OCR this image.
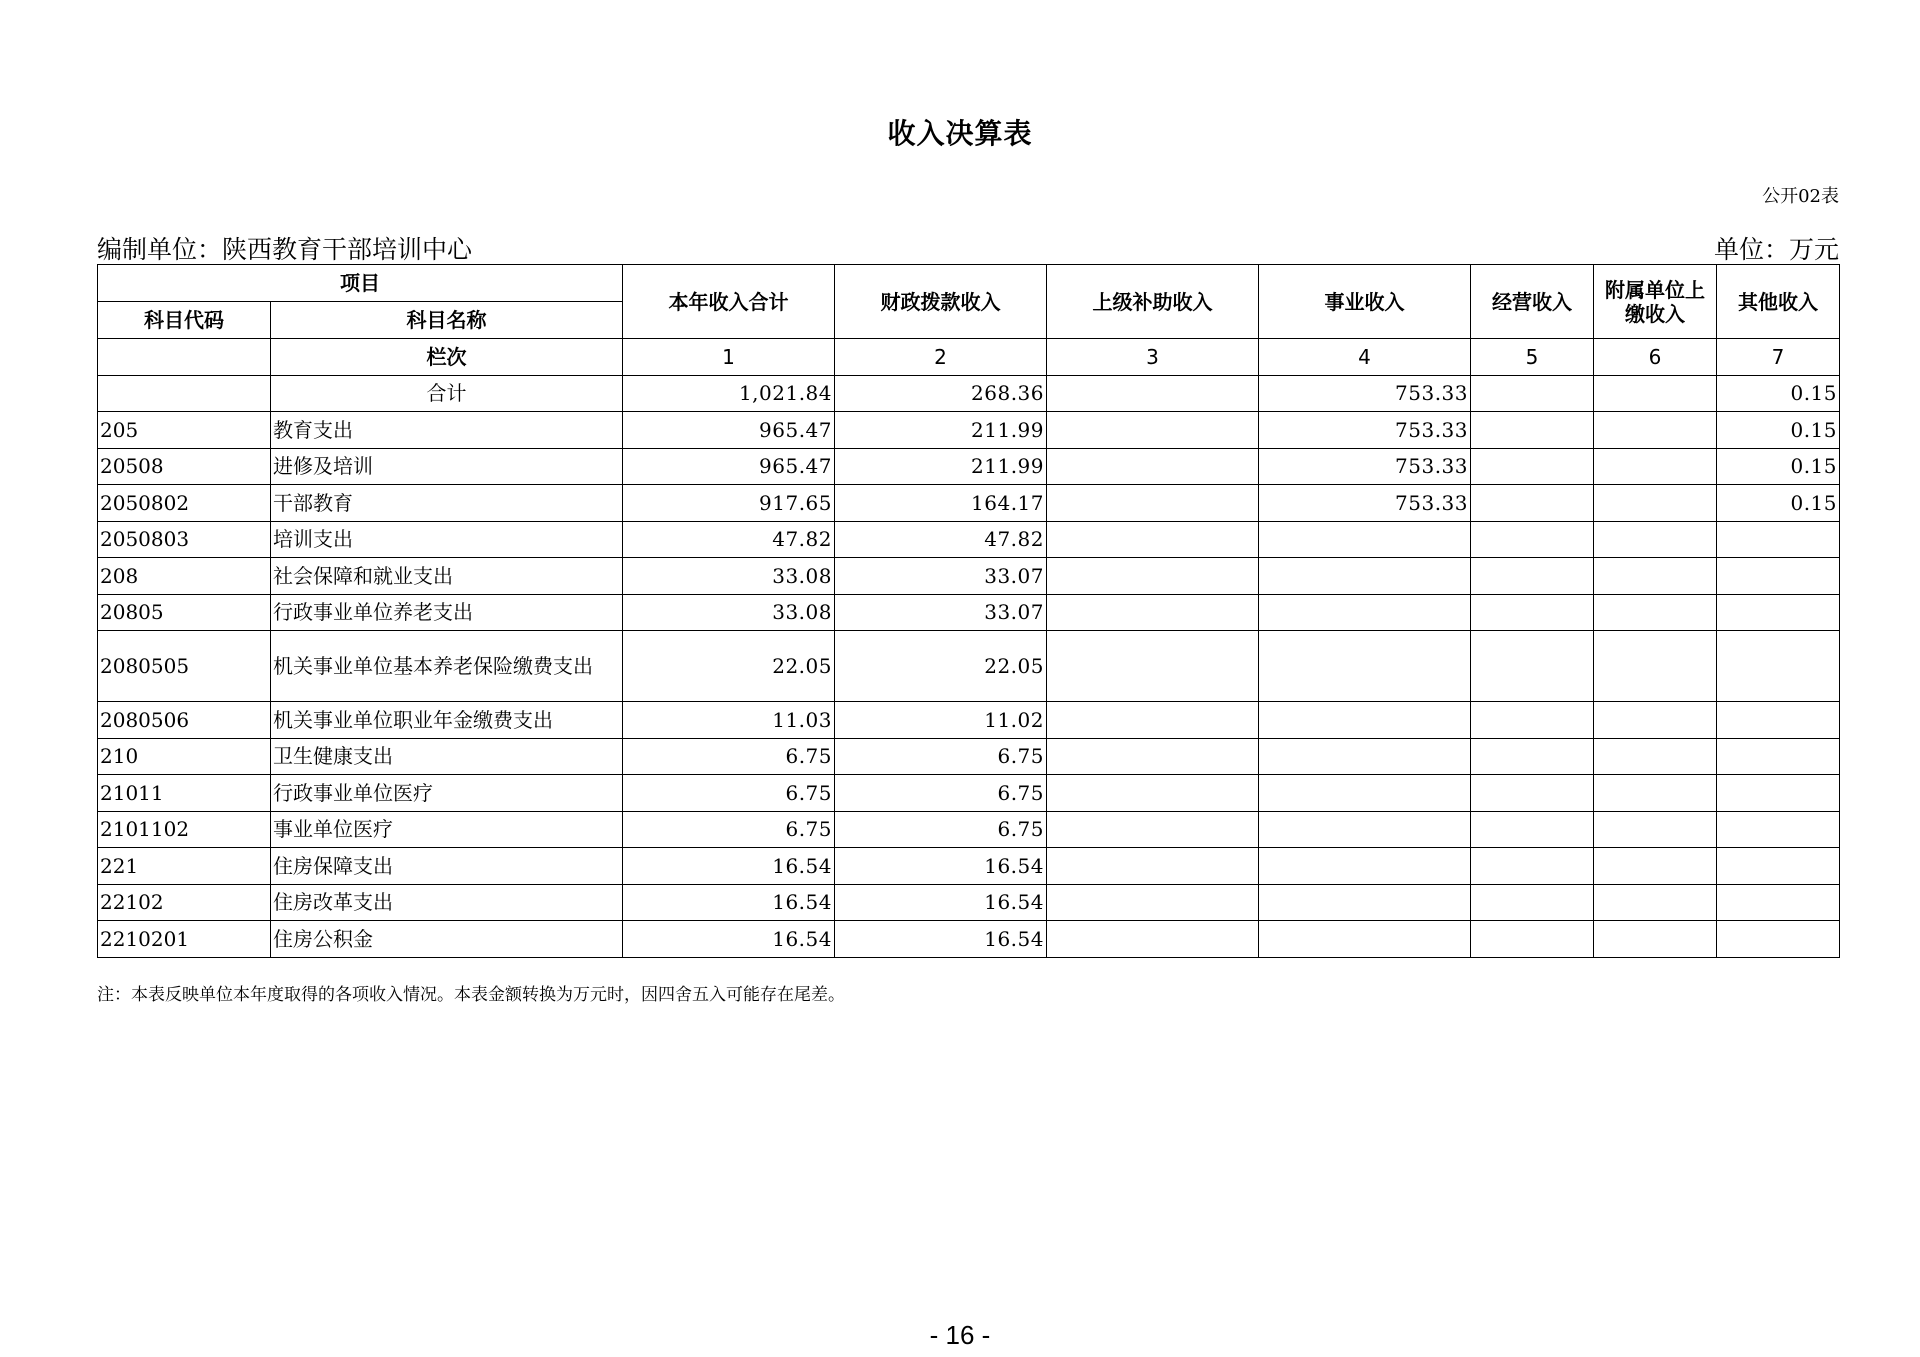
收入决算表
公开02表
编制单位：陕西教育干部培训中心	单位：万元
项目		本年收入合计	财政拨款收入	上级补助收入	事业收入	经营收入	附属单位上缴收入	其他收入
科目代码	科目名称							
	栏次	1	2	3	4	5	6	7
	合计	1,021.84	268.36		753.33			0.15
205	教育支出	965.47	211.99		753.33			0.15
20508	进修及培训	965.47	211.99		753.33			0.15
2050802	干部教育	917.65	164.17		753.33			0.15
2050803	培训支出	47.82	47.82					
208	社会保障和就业支出	33.08	33.07					
20805	行政事业单位养老支出	33.08	33.07					
2080505	机关事业单位基本养老保险缴费支出	22.05	22.05					
2080506	机关事业单位职业年金缴费支出	11.03	11.02					
210	卫生健康支出	6.75	6.75					
21011	行政事业单位医疗	6.75	6.75					
2101102	事业单位医疗	6.75	6.75					
221	住房保障支出	16.54	16.54					
22102	住房改革支出	16.54	16.54					
2210201	住房公积金	16.54	16.54					
注：本表反映单位本年度取得的各项收入情况。本表金额转换为万元时，因四舍五入可能存在尾差。
- 16 -
